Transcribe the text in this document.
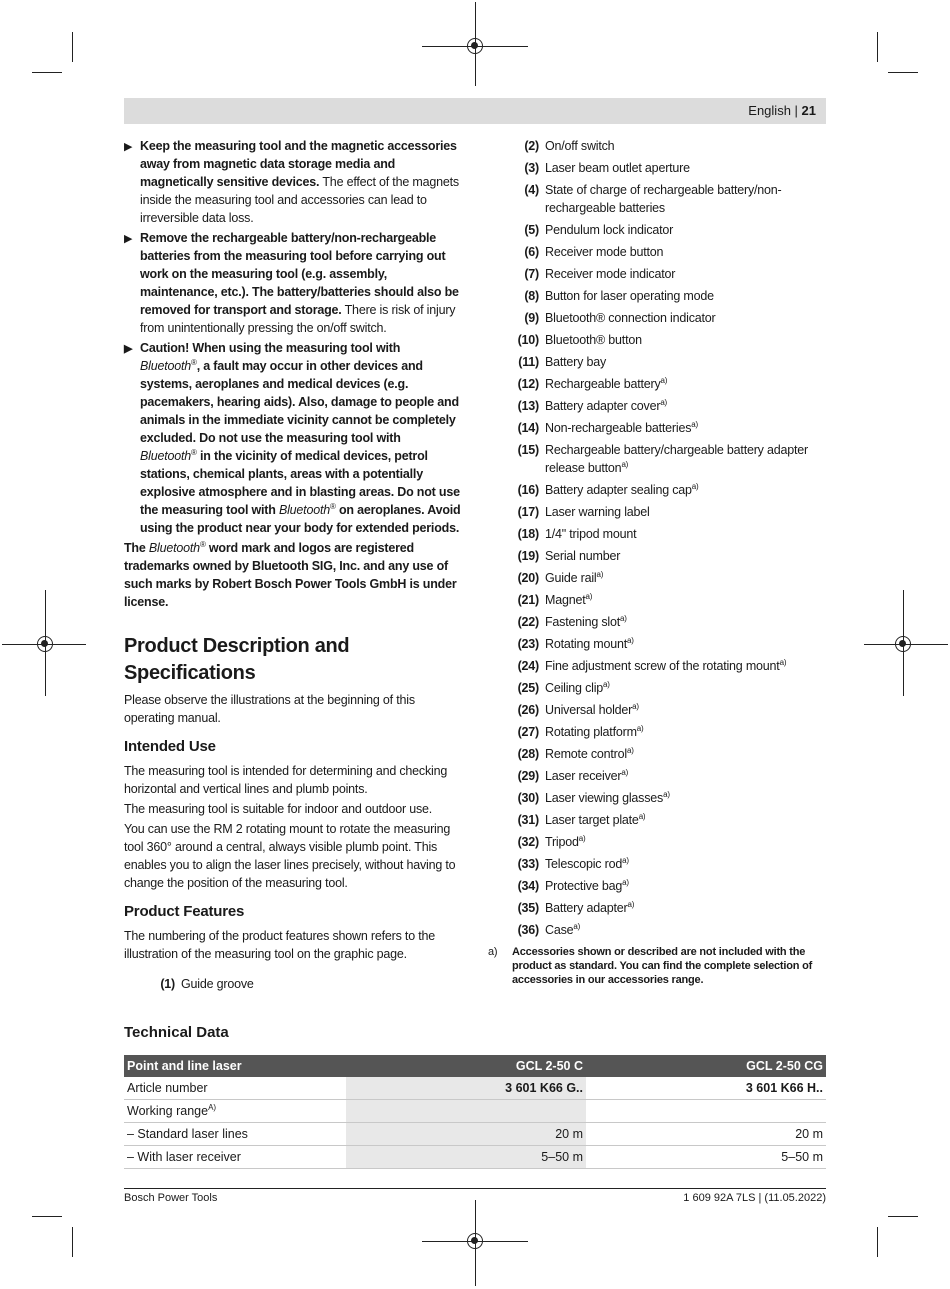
English | 21
▶ Keep the measuring tool and the magnetic accessories away from magnetic data storage media and magnetically sensitive devices. The effect of the magnets inside the measuring tool and accessories can lead to irreversible data loss.
▶ Remove the rechargeable battery/non-rechargeable batteries from the measuring tool before carrying out work on the measuring tool (e.g. assembly, maintenance, etc.). The battery/batteries should also be removed for transport and storage. There is risk of injury from unintentionally pressing the on/off switch.
▶ Caution! When using the measuring tool with
Bluetooth®, a fault may occur in other devices and systems, aeroplanes and medical devices (e.g. pacemakers, hearing aids). Also, damage to people and animals in the immediate vicinity cannot be completely excluded. Do not use the measuring tool with
Bluetooth® in the vicinity of medical devices, petrol stations, chemical plants, areas with a potentially explosive atmosphere and in blasting areas. Do not use the measuring tool with Bluetooth® on aeroplanes. Avoid using the product near your body for extended periods.

The Bluetooth® word mark and logos are registered trademarks owned by Bluetooth SIG, Inc. and any use of such marks by Robert Bosch Power Tools GmbH is under license.

Product Description and Specifications

Please observe the illustrations at the beginning of this operating manual.

Intended Use

The measuring tool is intended for determining and checking horizontal and vertical lines and plumb points.

The measuring tool is suitable for indoor and outdoor use.

You can use the RM 2 rotating mount to rotate the measuring tool 360° around a central, always visible plumb point. This enables you to align the laser lines precisely, without having to change the position of the measuring tool.

Product Features

The numbering of the product features shown refers to the illustration of the measuring tool on the graphic page.

(1) Guide groove
(2) On/off switch
(3) Laser beam outlet aperture
(4) State of charge of rechargeable battery/non-rechargeable batteries
(5) Pendulum lock indicator
(6) Receiver mode button
(7) Receiver mode indicator
(8) Button for laser operating mode
(9) Bluetooth® connection indicator
(10) Bluetooth® button
(11) Battery bay
(12) Rechargeable battery$^{a)}$
(13) Battery adapter cover$^{a)}$
(14) Non-rechargeable batteries$^{a)}$
(15) Rechargeable battery/chargeable battery adapter release button$^{a)}$
(16) Battery adapter sealing cap$^{a)}$
(17) Laser warning label
(18) 1/4" tripod mount
(19) Serial number
(20) Guide rail$^{a)}$
(21) Magnet$^{a)}$
(22) Fastening slot$^{a)}$
(23) Rotating mount$^{a)}$
(24) Fine adjustment screw of the rotating mount$^{a)}$
(25) Ceiling clip$^{a)}$
(26) Universal holder$^{a)}$
(27) Rotating platform$^{a)}$
(28) Remote control$^{a)}$
(29) Laser receiver$^{a)}$
(30) Laser viewing glasses$^{a)}$
(31) Laser target plate$^{a)}$
(32) Tripod$^{a)}$
(33) Telescopic rod$^{a)}$
(34) Protective bag$^{a)}$
(35) Battery adapter$^{a)}$
(36) Case$^{a)}$
a)	Accessories shown or described are not included with the product as standard. You can find the complete selection of accessories in our accessories range.
Technical Data
Point and line laser	GCL 2-50 C	GCL 2-50 CG
Article number	3 601 K66 G..	3 601 K66 H..
Working range$^{A)}$		
– Standard laser lines	20 m	20 m
– With laser receiver	5–50 m	5–50 m
Bosch Power Tools	1 609 92A 7LS | (11.05.2022)
